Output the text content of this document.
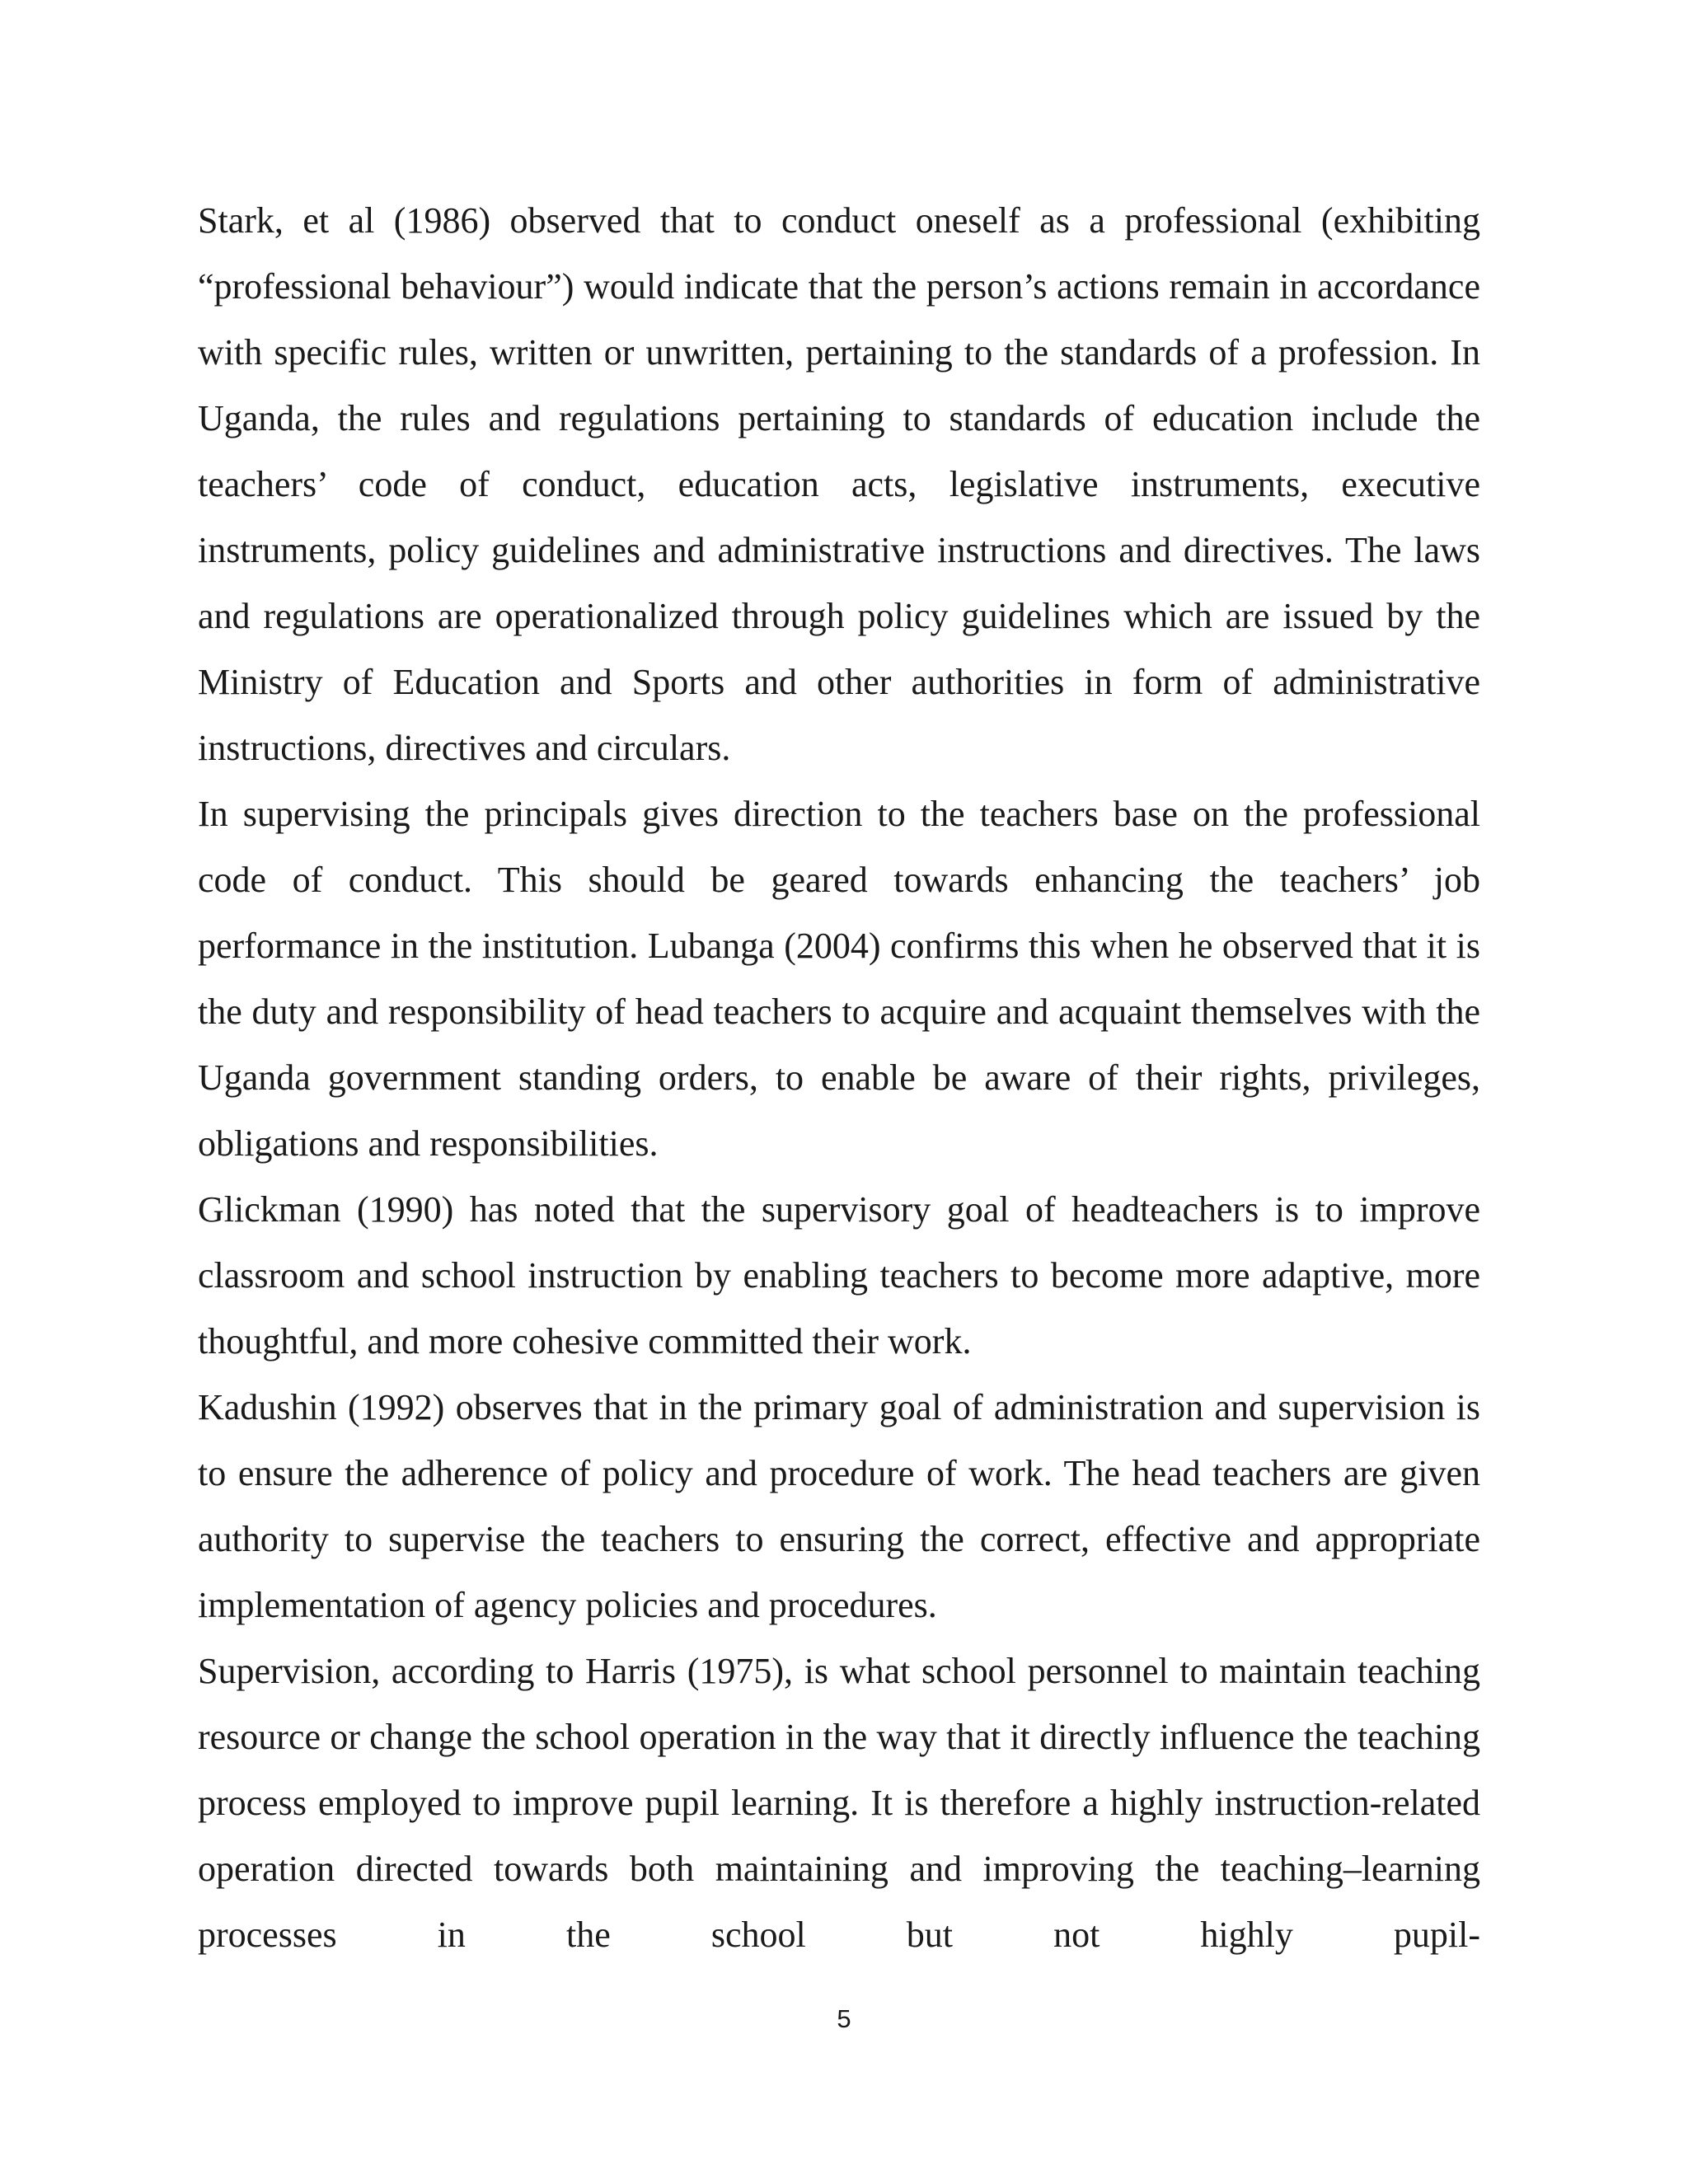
Stark, et al (1986) observed that to conduct oneself as a professional (exhibiting “professional behaviour”) would indicate that the person’s actions remain in accordance with specific rules, written or unwritten, pertaining to the standards of a profession. In Uganda, the rules and regulations pertaining to standards of education include the teachers’ code of conduct, education acts, legislative instruments, executive instruments, policy guidelines and administrative instructions and directives. The laws and regulations are operationalized through policy guidelines which are issued by the Ministry of Education and Sports and other authorities in form of administrative instructions, directives and circulars.

In supervising the principals gives direction to the teachers base on the professional code of conduct. This should be geared towards enhancing the teachers’ job performance in the institution. Lubanga (2004) confirms this when he observed that it is the duty and responsibility of head teachers to acquire and acquaint themselves with the Uganda government standing orders, to enable be aware of their rights, privileges, obligations and responsibilities.

Glickman (1990) has noted that the supervisory goal of headteachers is to improve classroom and school instruction by enabling teachers to become more adaptive, more thoughtful, and more cohesive committed their work.

Kadushin (1992) observes that in the primary goal of administration and supervision is to ensure the adherence of policy and procedure of work. The head teachers are given authority to supervise the teachers to ensuring the correct, effective and appropriate implementation of agency policies and procedures.

Supervision, according to Harris (1975), is what school personnel to maintain teaching resource or change the school operation in the way that it directly influence the teaching process employed to improve pupil learning. It is therefore a highly instruction-related operation directed towards both maintaining and improving the teaching–learning processes in the school but not highly pupil-

5
